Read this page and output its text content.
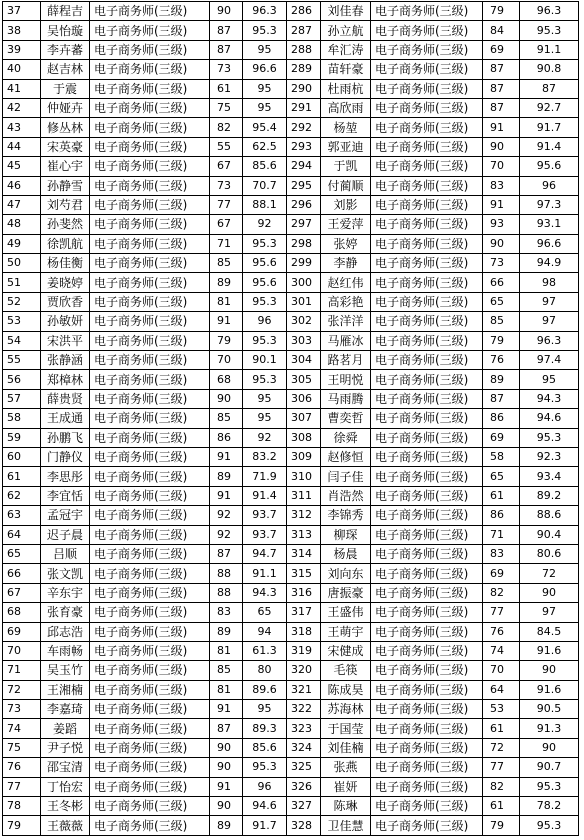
37	薛程吉	电子商务师(三级)	90	96.3	286	刘佳春	电子商务师(三级)	79	96.3
38	吴怡璇	电子商务师(三级)	87	95.3	287	孙立航	电子商务师(三级)	84	95.3
39	李卉蕃	电子商务师(三级)	87	95	288	牟汇涛	电子商务师(三级)	69	91.1
40	赵吉林	电子商务师(三级)	73	96.6	289	苗轩豪	电子商务师(三级)	87	90.8
41	于震	电子商务师(三级)	61	95	290	杜雨杭	电子商务师(三级)	87	87
42	仲娅卉	电子商务师(三级)	75	95	291	高欣雨	电子商务师(三级)	87	92.7
43	修丛林	电子商务师(三级)	82	95.4	292	杨堃	电子商务师(三级)	91	91.7
44	宋英豪	电子商务师(三级)	55	62.5	293	郭亚迪	电子商务师(三级)	90	91.4
45	崔心宇	电子商务师(三级)	67	85.6	294	于凯	电子商务师(三级)	70	95.6
46	孙静雪	电子商务师(三级)	73	70.7	295	付蔺顺	电子商务师(三级)	83	96
47	刘芍君	电子商务师(三级)	77	88.1	296	刘影	电子商务师(三级)	91	97.3
48	孙斐然	电子商务师(三级)	67	92	297	王爱萍	电子商务师(三级)	93	93.1
49	徐凯航	电子商务师(三级)	71	95.3	298	张婷	电子商务师(三级)	90	96.6
50	杨佳衡	电子商务师(三级)	85	95.6	299	李静	电子商务师(三级)	73	94.9
51	姜晓婷	电子商务师(三级)	89	95.6	300	赵红伟	电子商务师(三级)	66	98
52	贾欣香	电子商务师(三级)	81	95.3	301	高彩艳	电子商务师(三级)	65	97
53	孙敏妍	电子商务师(三级)	91	96	302	张洋洋	电子商务师(三级)	85	97
54	宋洪平	电子商务师(三级)	79	95.3	303	马雁冰	电子商务师(三级)	79	96.3
55	张静涵	电子商务师(三级)	70	90.1	304	路茗月	电子商务师(三级)	76	97.4
56	郑樟林	电子商务师(三级)	68	95.3	305	王明悦	电子商务师(三级)	89	95
57	薛贵贤	电子商务师(三级)	90	95	306	马雨腾	电子商务师(三级)	87	94.3
58	王成通	电子商务师(三级)	85	95	307	曹奕哲	电子商务师(三级)	86	94.6
59	孙鹏飞	电子商务师(三级)	86	92	308	徐舜	电子商务师(三级)	69	95.3
60	门静仪	电子商务师(三级)	91	83.2	309	赵修恒	电子商务师(三级)	58	92.3
61	李思彤	电子商务师(三级)	89	71.9	310	闫子佳	电子商务师(三级)	65	93.4
62	李宜恬	电子商务师(三级)	91	91.4	311	肖浩然	电子商务师(三级)	61	89.2
63	孟冠宇	电子商务师(三级)	92	93.7	312	李锦秀	电子商务师(三级)	86	88.6
64	迟子晨	电子商务师(三级)	92	93.7	313	柳琛	电子商务师(三级)	71	90.4
65	吕顺	电子商务师(三级)	87	94.7	314	杨晨	电子商务师(三级)	83	80.6
66	张文凯	电子商务师(三级)	88	91.1	315	刘向东	电子商务师(三级)	69	72
67	辛东宇	电子商务师(三级)	88	94.3	316	唐振豪	电子商务师(三级)	82	90
68	张育豪	电子商务师(三级)	83	65	317	王盛伟	电子商务师(三级)	77	97
69	邱志浩	电子商务师(三级)	89	94	318	王萌宇	电子商务师(三级)	76	84.5
70	车雨畅	电子商务师(三级)	81	61.3	319	宋健成	电子商务师(三级)	74	91.6
71	吴玉竹	电子商务师(三级)	85	80	320	毛筷	电子商务师(三级)	70	90
72	王湘楠	电子商务师(三级)	81	89.6	321	陈成昊	电子商务师(三级)	64	91.6
73	李嘉琦	电子商务师(三级)	91	95	322	苏海林	电子商务师(三级)	53	90.5
74	姜蹈	电子商务师(三级)	87	89.3	323	于国莹	电子商务师(三级)	61	91.3
75	尹子悦	电子商务师(三级)	90	85.6	324	刘佳楠	电子商务师(三级)	72	90
76	邵宝清	电子商务师(三级)	90	95.3	325	张燕	电子商务师(三级)	77	90.7
77	丁怡宏	电子商务师(三级)	91	96	326	崔妍	电子商务师(三级)	82	95.3
78	王冬彬	电子商务师(三级)	90	94.6	327	陈琳	电子商务师(三级)	61	78.2
79	王薇薇	电子商务师(三级)	89	91.7	328	卫佳慧	电子商务师(三级)	79	95.3
